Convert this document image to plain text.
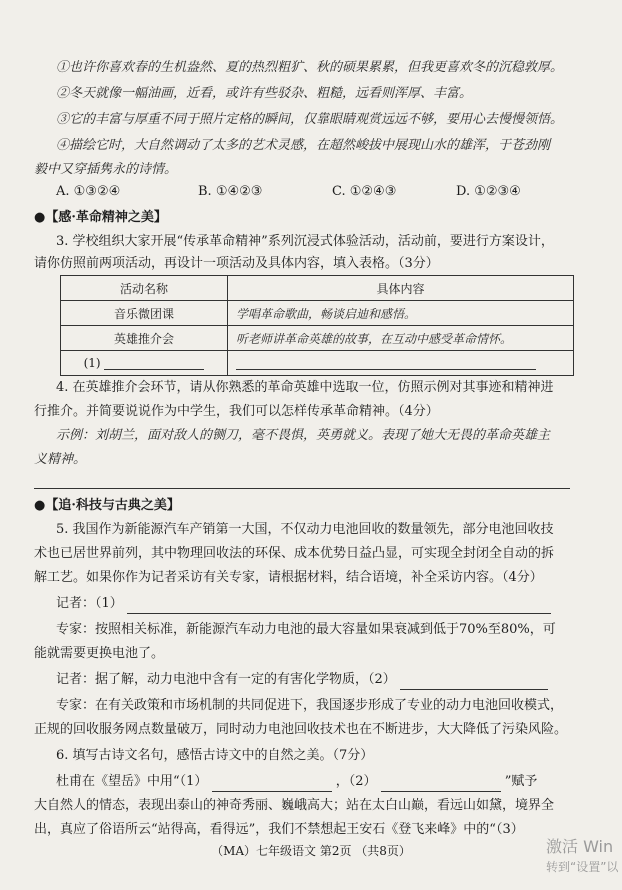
①也许你喜欢春的生机盎然、夏的热烈粗犷、秋的硕果累累，但我更喜欢冬的沉稳敦厚。
②冬天就像一幅油画，近看，或许有些驳杂、粗糙，远看则浑厚、丰富。
③它的丰富与厚重不同于照片定格的瞬间，仅靠眼睛观赏远远不够，要用心去慢慢领悟。
④描绘它时，大自然调动了太多的艺术灵感，在超然峻拔中展现山水的雄浑，于苍劲刚
毅中又穿插隽永的诗情。
A. ①③②④	B. ①④②③	C. ①②④③	D. ①②③④
●【感·革命精神之美】
3. 学校组织大家开展“传承革命精神”系列沉浸式体验活动，活动前，要进行方案设计，
请你仿照前两项活动，再设计一项活动及具体内容，填入表格。（3分）
活动名称	具体内容
音乐微团课	学唱革命歌曲，畅谈启迪和感悟。
英雄推介会	听老师讲革命英雄的故事，在互动中感受革命情怀。
(1)	
4. 在英雄推介会环节，请从你熟悉的革命英雄中选取一位，仿照示例对其事迹和精神进
行推介。并简要说说作为中学生，我们可以怎样传承革命精神。（4分）
示例：刘胡兰，面对敌人的铡刀，毫不畏惧，英勇就义。表现了她大无畏的革命英雄主
义精神。
●【追·科技与古典之美】
5. 我国作为新能源汽车产销第一大国，不仅动力电池回收的数量领先，部分电池回收技
术也已居世界前列，其中物理回收法的环保、成本优势日益凸显，可实现全封闭全自动的拆
解工艺。如果你作为记者采访有关专家，请根据材料，结合语境，补全采访内容。（4分）
记者：（1）
专家：按照相关标准，新能源汽车动力电池的最大容量如果衰减到低于70%至80%，可
能就需要更换电池了。
记者：据了解，动力电池中含有一定的有害化学物质，（2）
专家：在有关政策和市场机制的共同促进下，我国逐步形成了专业的动力电池回收模式，
正规的回收服务网点数量破万，同时动力电池回收技术也在不断进步，大大降低了污染风险。
6. 填写古诗文名句，感悟古诗文中的自然之美。（7分）
杜甫在《望岳》中用“（1）	，（2）	”赋予
大自然人的情态，表现出泰山的神奇秀丽、巍峨高大；站在太白山巅，看远山如黛，境界全
出，真应了俗语所云“站得高，看得远”，我们不禁想起王安石《登飞来峰》中的“（3）
（MA）七年级语文 第2页 （共8页）	激活 Win
转到“设置”以
